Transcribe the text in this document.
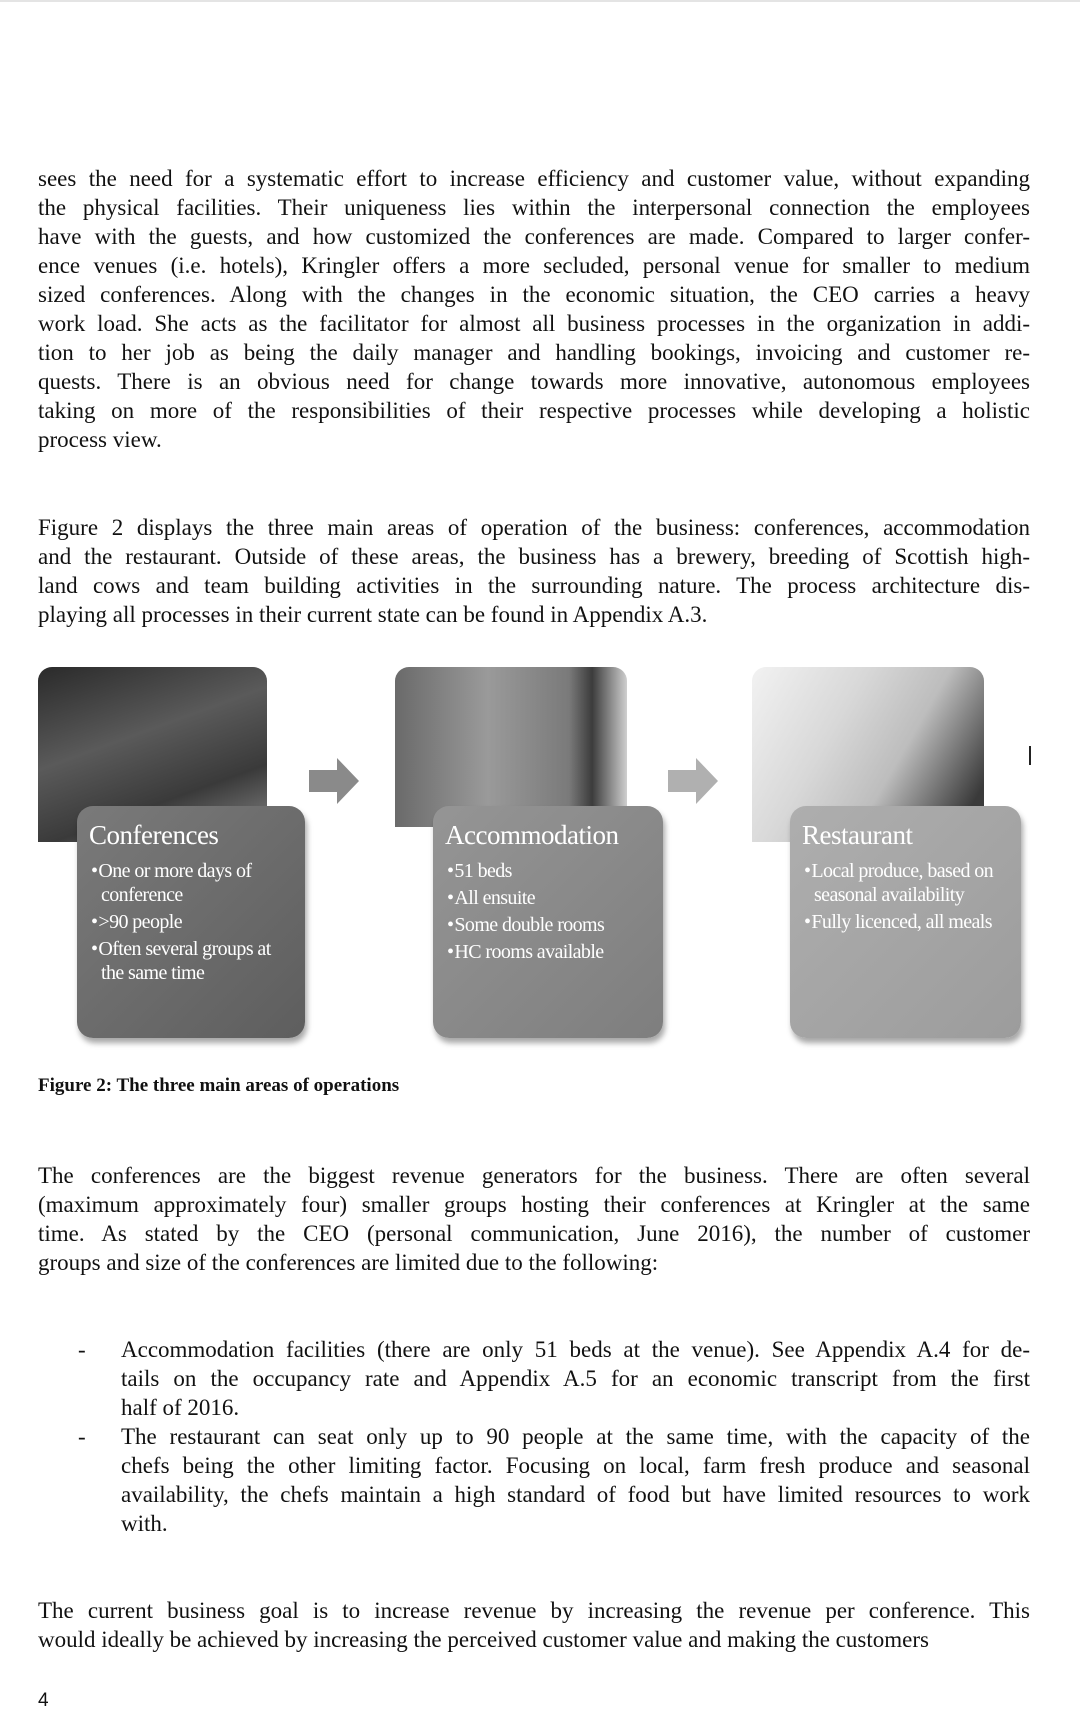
sees the need for a systematic effort to increase efficiency and customer value, without expanding
the physical facilities. Their uniqueness lies within the interpersonal connection the employees
have with the guests, and how customized the conferences are made. Compared to larger confer-
ence venues (i.e. hotels), Kringler offers a more secluded, personal venue for smaller to medium
sized conferences. Along with the changes in the economic situation, the CEO carries a heavy
work load. She acts as the facilitator for almost all business processes in the organization in addi-
tion to her job as being the daily manager and handling bookings, invoicing and customer re-
quests. There is an obvious need for change towards more innovative, autonomous employees
taking on more of the responsibilities of their respective processes while developing a holistic
process view.
Figure 2 displays the three main areas of operation of the business: conferences, accommodation
and the restaurant. Outside of these areas, the business has a brewery, breeding of Scottish high-
land cows and team building activities in the surrounding nature. The process architecture dis-
playing all processes in their current state can be found in Appendix A.3.
Conferences
• One or more days of conference
• >90 people
• Often several groups at the same time
Accommodation
• 51 beds
• All ensuite
• Some double rooms
• HC rooms available
Restaurant
• Local produce, based on seasonal availability
• Fully licenced, all meals
Figure 2: The three main areas of operations
The conferences are the biggest revenue generators for the business. There are often several
(maximum approximately four) smaller groups hosting their conferences at Kringler at the same
time. As stated by the CEO (personal communication, June 2016), the number of customer
groups and size of the conferences are limited due to the following:
- Accommodation facilities (there are only 51 beds at the venue). See Appendix A.4 for de-
tails on the occupancy rate and Appendix A.5 for an economic transcript from the first
half of 2016.
- The restaurant can seat only up to 90 people at the same time, with the capacity of the
chefs being the other limiting factor. Focusing on local, farm fresh produce and seasonal
availability, the chefs maintain a high standard of food but have limited resources to work
with.
The current business goal is to increase revenue by increasing the revenue per conference. This
would ideally be achieved by increasing the perceived customer value and making the customers
4
